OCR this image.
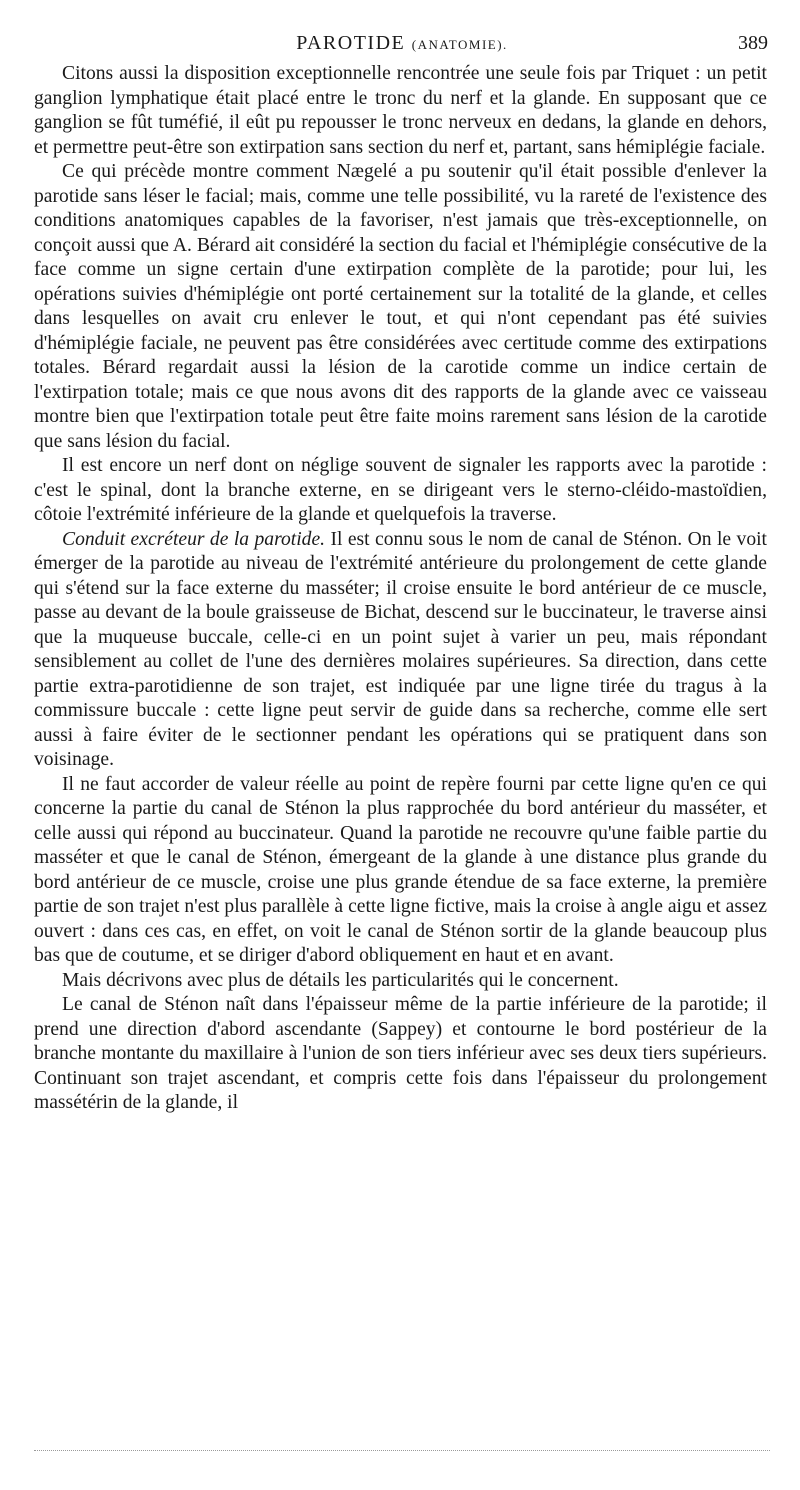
PAROTIDE (ANATOMIE).	389

Citons aussi la disposition exceptionnelle rencontrée une seule fois par Triquet : un petit ganglion lymphatique était placé entre le tronc du nerf et la glande. En supposant que ce ganglion se fût tuméfié, il eût pu repousser le tronc nerveux en dedans, la glande en dehors, et permettre peut-être son extirpation sans section du nerf et, partant, sans hémiplégie faciale.

Ce qui précède montre comment Nægelé a pu soutenir qu'il était possible d'enlever la parotide sans léser le facial; mais, comme une telle possibilité, vu la rareté de l'existence des conditions anatomiques capables de la favoriser, n'est jamais que très-exceptionnelle, on conçoit aussi que A. Bérard ait considéré la section du facial et l'hémiplégie consécutive de la face comme un signe certain d'une extirpation complète de la parotide; pour lui, les opérations suivies d'hémiplégie ont porté certainement sur la totalité de la glande, et celles dans lesquelles on avait cru enlever le tout, et qui n'ont cependant pas été suivies d'hémiplégie faciale, ne peuvent pas être considérées avec certitude comme des extirpations totales. Bérard regardait aussi la lésion de la carotide comme un indice certain de l'extirpation totale; mais ce que nous avons dit des rapports de la glande avec ce vaisseau montre bien que l'extirpation totale peut être faite moins rarement sans lésion de la carotide que sans lésion du facial.

Il est encore un nerf dont on néglige souvent de signaler les rapports avec la parotide : c'est le spinal, dont la branche externe, en se dirigeant vers le sterno-cléido-mastoïdien, côtoie l'extrémité inférieure de la glande et quelquefois la traverse.

Conduit excréteur de la parotide. Il est connu sous le nom de canal de Sténon. On le voit émerger de la parotide au niveau de l'extrémité antérieure du prolongement de cette glande qui s'étend sur la face externe du masséter; il croise ensuite le bord antérieur de ce muscle, passe au devant de la boule graisseuse de Bichat, descend sur le buccinateur, le traverse ainsi que la muqueuse buccale, celle-ci en un point sujet à varier un peu, mais répondant sensiblement au collet de l'une des dernières molaires supérieures. Sa direction, dans cette partie extra-parotidienne de son trajet, est indiquée par une ligne tirée du tragus à la commissure buccale : cette ligne peut servir de guide dans sa recherche, comme elle sert aussi à faire éviter de le sectionner pendant les opérations qui se pratiquent dans son voisinage.

Il ne faut accorder de valeur réelle au point de repère fourni par cette ligne qu'en ce qui concerne la partie du canal de Sténon la plus rapprochée du bord antérieur du masséter, et celle aussi qui répond au buccinateur. Quand la parotide ne recouvre qu'une faible partie du masséter et que le canal de Sténon, émergeant de la glande à une distance plus grande du bord antérieur de ce muscle, croise une plus grande étendue de sa face externe, la première partie de son trajet n'est plus parallèle à cette ligne fictive, mais la croise à angle aigu et assez ouvert : dans ces cas, en effet, on voit le canal de Sténon sortir de la glande beaucoup plus bas que de coutume, et se diriger d'abord obliquement en haut et en avant.

Mais décrivons avec plus de détails les particularités qui le concernent.

Le canal de Sténon naît dans l'épaisseur même de la partie inférieure de la parotide; il prend une direction d'abord ascendante (Sappey) et contourne le bord postérieur de la branche montante du maxillaire à l'union de son tiers inférieur avec ses deux tiers supérieurs. Continuant son trajet ascendant, et compris cette fois dans l'épaisseur du prolongement massétérin de la glande, il
